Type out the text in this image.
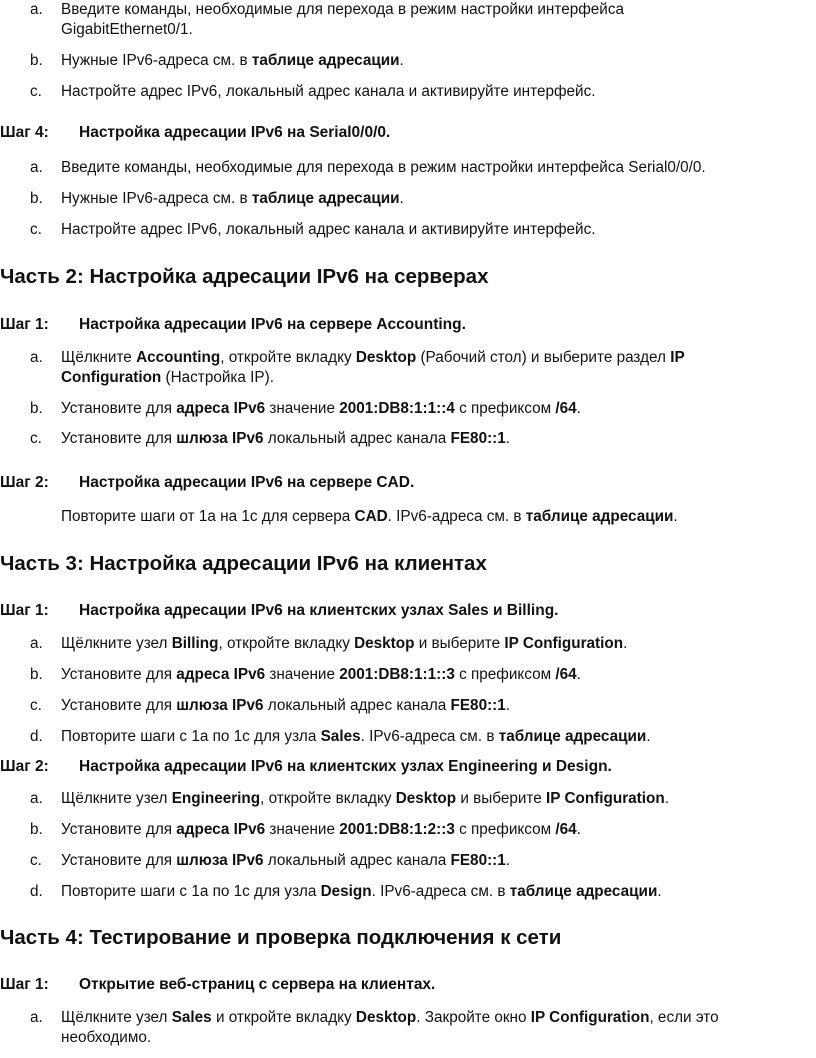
a.	Введите команды, необходимые для перехода в режим настройки интерфейса
GigabitEthernet0/1.
b.	Нужные IPv6-адреса см. в таблице адресации.
c.	Настройте адрес IPv6, локальный адрес канала и активируйте интерфейс.
Шаг 4: Настройка адресации IPv6 на Serial0/0/0.
a.	Введите команды, необходимые для перехода в режим настройки интерфейса Serial0/0/0.
b.	Нужные IPv6-адреса см. в таблице адресации.
c.	Настройте адрес IPv6, локальный адрес канала и активируйте интерфейс.
Часть 2: Настройка адресации IPv6 на серверах
Шаг 1: Настройка адресации IPv6 на сервере Accounting.
a.	Щёлкните Accounting, откройте вкладку Desktop (Рабочий стол) и выберите раздел IP
Configuration (Настройка IP).
b.	Установите для адреса IPv6 значение 2001:DB8:1:1::4 с префиксом /64.
c.	Установите для шлюза IPv6 локальный адрес канала FE80::1.
Шаг 2: Настройка адресации IPv6 на сервере CAD.
Повторите шаги от 1a на 1c для сервера CAD. IPv6-адреса см. в таблице адресации.
Часть 3: Настройка адресации IPv6 на клиентах
Шаг 1: Настройка адресации IPv6 на клиентских узлах Sales и Billing.
a.	Щёлкните узел Billing, откройте вкладку Desktop и выберите IP Configuration.
b.	Установите для адреса IPv6 значение 2001:DB8:1:1::3 с префиксом /64.
c.	Установите для шлюза IPv6 локальный адрес канала FE80::1.
d.	Повторите шаги с 1a по 1c для узла Sales. IPv6-адреса см. в таблице адресации.
Шаг 2: Настройка адресации IPv6 на клиентских узлах Engineering и Design.
a.	Щёлкните узел Engineering, откройте вкладку Desktop и выберите IP Configuration.
b.	Установите для адреса IPv6 значение 2001:DB8:1:2::3 с префиксом /64.
c.	Установите для шлюза IPv6 локальный адрес канала FE80::1.
d.	Повторите шаги с 1a по 1c для узла Design. IPv6-адреса см. в таблице адресации.
Часть 4: Тестирование и проверка подключения к сети
Шаг 1: Открытие веб-страниц с сервера на клиентах.
a.	Щёлкните узел Sales и откройте вкладку Desktop. Закройте окно IP Configuration, если это
необходимо.
